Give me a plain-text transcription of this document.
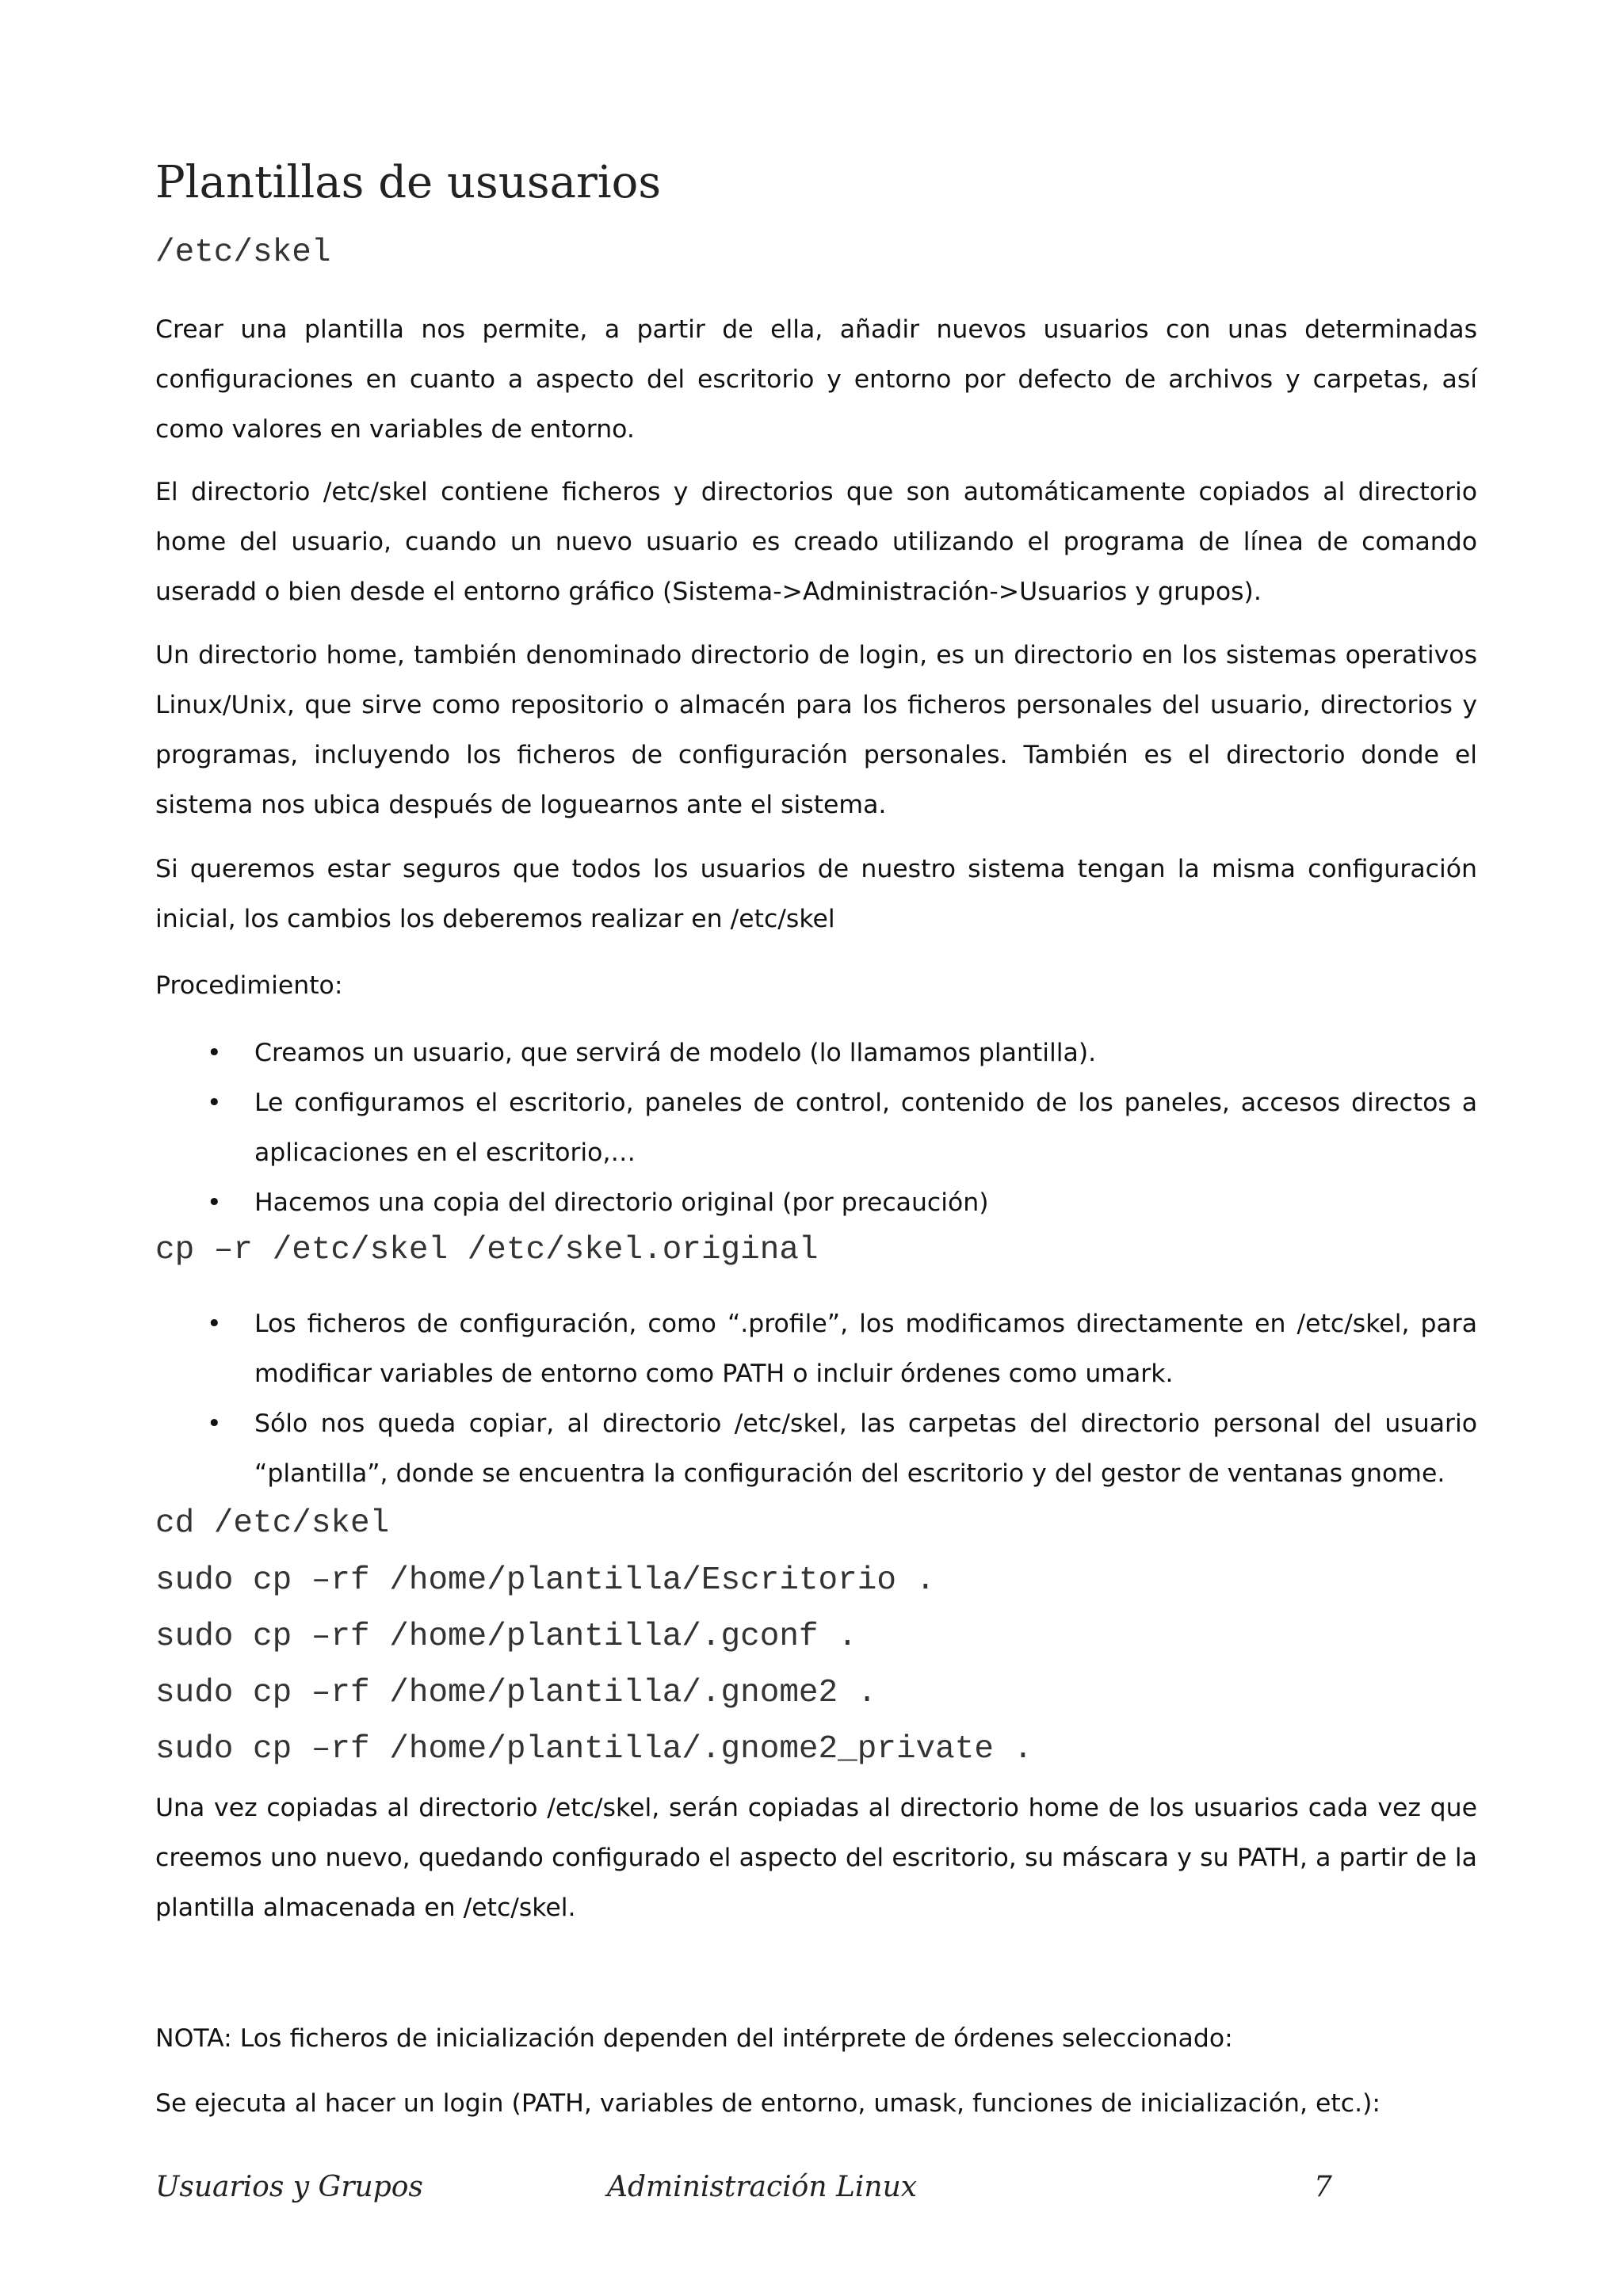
Plantillas de ususarios
/etc/skel

Crear una plantilla nos permite, a partir de ella, añadir nuevos usuarios con unas determinadas configuraciones en cuanto a aspecto del escritorio y entorno por defecto de archivos y carpetas, así como valores en variables de entorno.

El directorio /etc/skel contiene ficheros y directorios que son automáticamente copiados al directorio home del usuario, cuando un nuevo usuario es creado utilizando el programa de línea de comando useradd o bien desde el entorno gráfico (Sistema->Administración->Usuarios y grupos).

Un directorio home, también denominado directorio de login, es un directorio en los sistemas operativos Linux/Unix, que sirve como repositorio o almacén para los ficheros personales del usuario, directorios y programas, incluyendo los ficheros de configuración personales. También es el directorio donde el sistema nos ubica después de loguearnos ante el sistema.

Si queremos estar seguros que todos los usuarios de nuestro sistema tengan la misma configuración inicial, los cambios los deberemos realizar en /etc/skel

Procedimiento:

• Creamos un usuario, que servirá de modelo (lo llamamos plantilla).
• Le configuramos el escritorio, paneles de control, contenido de los paneles, accesos directos a aplicaciones en el escritorio,…
• Hacemos una copia del directorio original (por precaución)
cp –r /etc/skel /etc/skel.original
• Los ficheros de configuración, como “.profile”, los modificamos directamente en /etc/skel, para modificar variables de entorno como PATH o incluir órdenes como umark.
• Sólo nos queda copiar, al directorio /etc/skel, las carpetas del directorio personal del usuario “plantilla”, donde se encuentra la configuración del escritorio y del gestor de ventanas gnome.
cd /etc/skel
sudo cp –rf /home/plantilla/Escritorio .
sudo cp –rf /home/plantilla/.gconf .
sudo cp –rf /home/plantilla/.gnome2 .
sudo cp –rf /home/plantilla/.gnome2_private .

Una vez copiadas al directorio /etc/skel, serán copiadas al directorio home de los usuarios cada vez que creemos uno nuevo, quedando configurado el aspecto del escritorio, su máscara y su PATH, a partir de la plantilla almacenada en /etc/skel.

NOTA: Los ficheros de inicialización dependen del intérprete de órdenes seleccionado:

Se ejecuta al hacer un login (PATH, variables de entorno, umask, funciones de inicialización, etc.):

Usuarios y Grupos	Administración Linux	7
